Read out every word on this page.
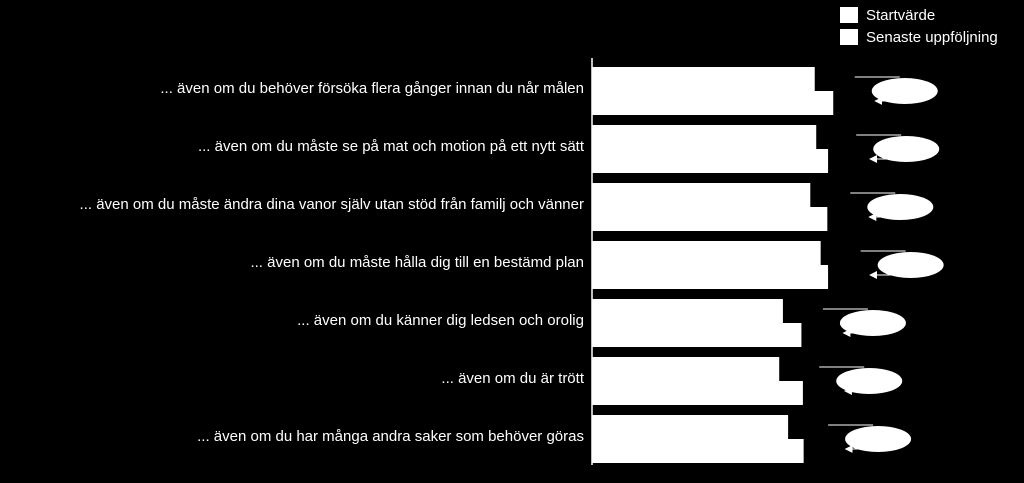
... även om du behöver försöka flera gånger innan du når målen
3,01
3,26
... även om du måste se på mat och motion på ett nytt sätt
3,03
3,19
... även om du måste ändra dina vanor själv utan stöd från familj och vänner
2,95
3,18
... även om du måste hålla dig till en bestämd plan
3,09
3,19
... även om du känner dig ledsen och orolig
2,58
2,83
... även om du är trött
2,53
2,85
... även om du har många andra saker som behöver göras
2,65
2,86
Startvärde
Senaste uppföljning
